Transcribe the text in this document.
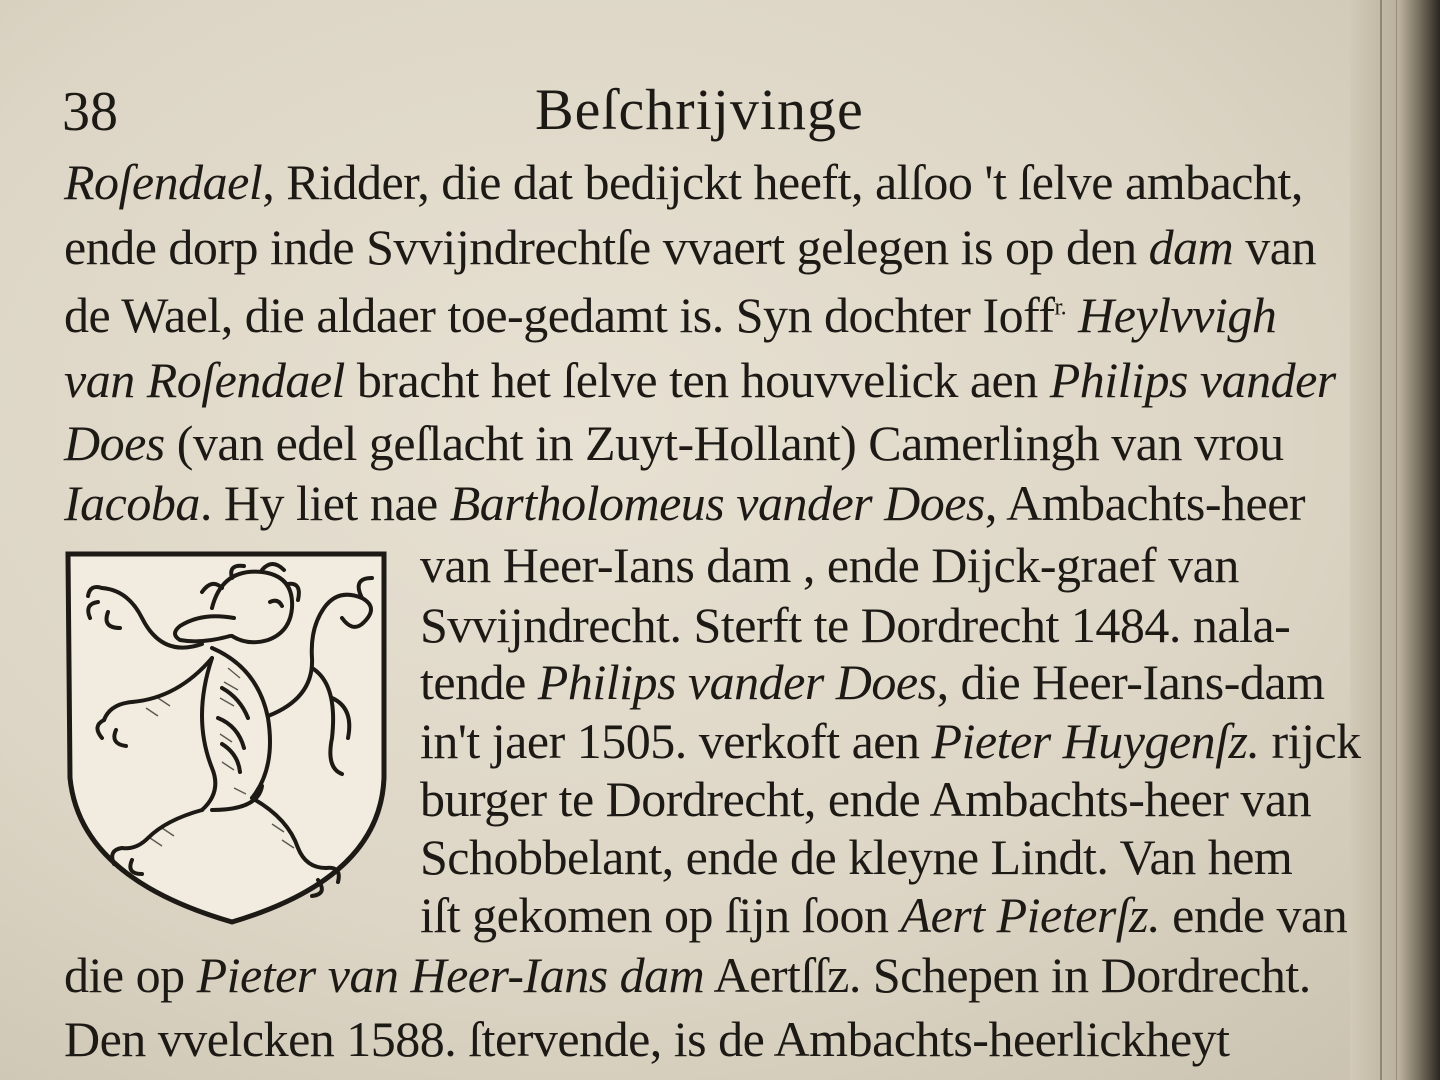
38	Beſchrijvinge
Roſendael, Ridder, die dat bedijckt heeft, alſoo 't ſelve ambacht,
ende dorp inde Svvijndrechtſe vvaert gelegen is op den dam van
de Wael, die aldaer toe-gedamt is. Syn dochter Ioff$^{r.}$ Heylvvigh
van Roſendael bracht het ſelve ten houvvelick aen Philips vander
Does (van edel geſlacht in Zuyt-Hollant) Camerlingh van vrou
Iacoba. Hy liet nae Bartholomeus vander Does, Ambachts-heer
van Heer-Ians dam , ende Dijck-graef van
Svvijndrecht. Sterft te Dordrecht 1484. nala-
tende Philips vander Does, die Heer-Ians-dam
in't jaer 1505. verkoft aen Pieter Huygenſz. rijck
burger te Dordrecht, ende Ambachts-heer van
Schobbelant, ende de kleyne Lindt. Van hem
iſt gekomen op ſijn ſoon Aert Pieterſz. ende van
die op Pieter van Heer-Ians dam Aertſſz. Schepen in Dordrecht.
Den vvelcken 1588. ſtervende, is de Ambachts-heerlickheyt
